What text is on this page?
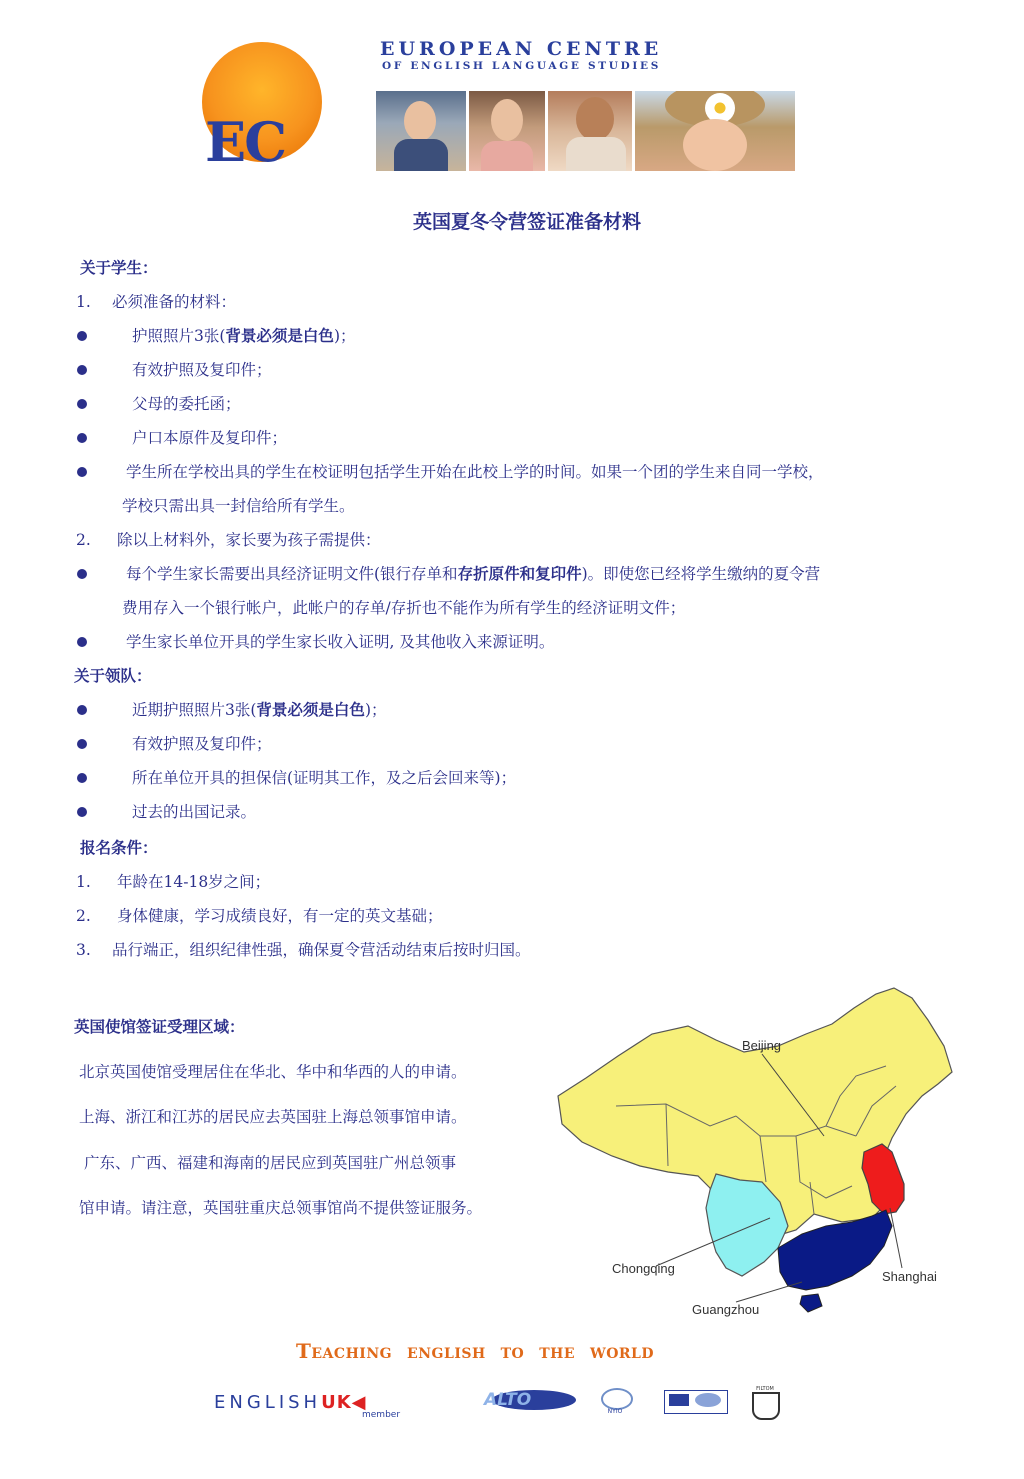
EC
EUROPEAN CENTRE
OF ENGLISH LANGUAGE STUDIES
英国夏冬令营签证准备材料
关于学生：
1. 必须准备的材料：
护照照片3张(背景必须是白色)；
有效护照及复印件；
父母的委托函；
户口本原件及复印件；
学生所在学校出具的学生在校证明包括学生开始在此校上学的时间。如果一个团的学生来自同一学校，
学校只需出具一封信给所有学生。
2. 除以上材料外，家长要为孩子需提供：
每个学生家长需要出具经济证明文件(银行存单和存折原件和复印件)。即使您已经将学生缴纳的夏令营
费用存入一个银行帐户，此帐户的存单/存折也不能作为所有学生的经济证明文件；
学生家长单位开具的学生家长收入证明, 及其他收入来源证明。
关于领队：
近期护照照片3张(背景必须是白色)；
有效护照及复印件；
所在单位开具的担保信(证明其工作，及之后会回来等)；
过去的出国记录。
报名条件：
1. 年龄在14-18岁之间；
2. 身体健康，学习成绩良好，有一定的英文基础；
3. 品行端正，组织纪律性强，确保夏令营活动结束后按时归国。
英国使馆签证受理区域：
北京英国使馆受理居住在华北、华中和华西的人的申请。
上海、浙江和江苏的居民应去英国驻上海总领事馆申请。
广东、广西、福建和海南的居民应到英国驻广州总领事
馆申请。请注意，英国驻重庆总领事馆尚不提供签证服务。
Beijing
Chongqing
Shanghai
Guangzhou
TEACHING ENGLISH TO THE WORLD
ENGLISHUK◀
member
ALTO
NYIO
FILTOM
